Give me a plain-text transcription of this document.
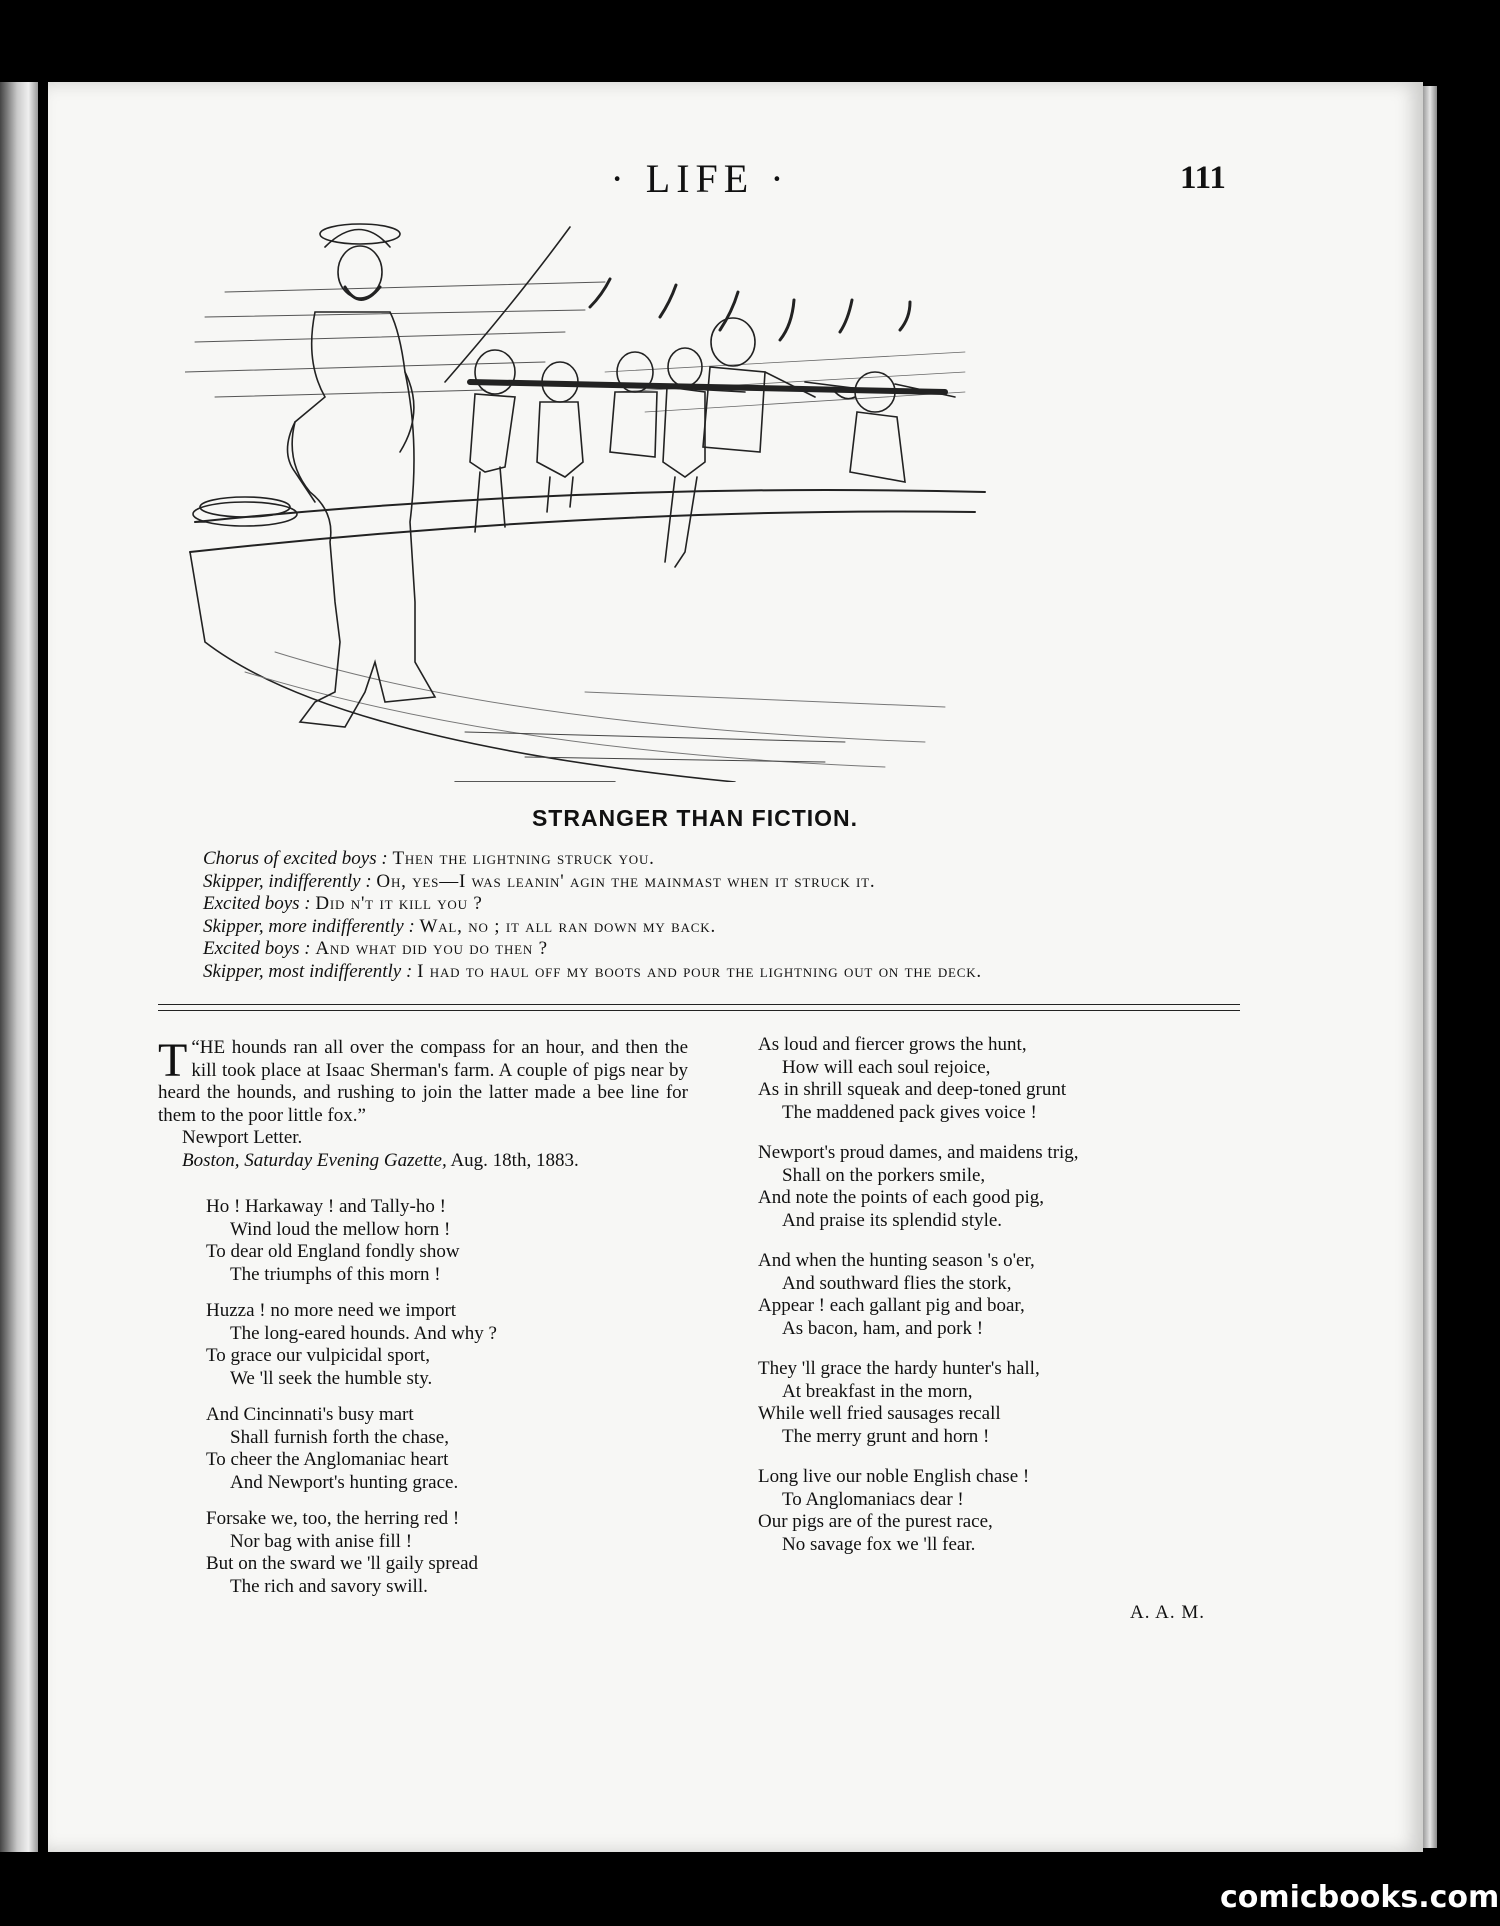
· LIFE ·	111
STRANGER THAN FICTION.
Chorus of excited boys : Then the lightning struck you.
Skipper, indifferently : Oh, yes—I was leanin' agin the mainmast when it struck it.
Excited boys : Did n't it kill you ?
Skipper, more indifferently : Wal, no ; it all ran down my back.
Excited boys : And what did you do then ?
Skipper, most indifferently : I had to haul off my boots and pour the lightning out on the deck.

“
T HE hounds ran all over the compass for an hour, and then the kill took place at Isaac Sherman's farm. A couple of pigs near by heard the hounds, and rushing to join the latter made a bee line for them to the poor little fox.”

Newport Letter.
Boston, Saturday Evening Gazette, Aug. 18th, 1883.
Ho ! Harkaway ! and Tally-ho !
Wind loud the mellow horn !
To dear old England fondly show
The triumphs of this morn !
Huzza ! no more need we import
The long-eared hounds. And why ?
To grace our vulpicidal sport,
We 'll seek the humble sty.
And Cincinnati's busy mart
Shall furnish forth the chase,
To cheer the Anglomaniac heart
And Newport's hunting grace.
Forsake we, too, the herring red !
Nor bag with anise fill !
But on the sward we 'll gaily spread
The rich and savory swill.
As loud and fiercer grows the hunt,
How will each soul rejoice,
As in shrill squeak and deep-toned grunt
The maddened pack gives voice !
Newport's proud dames, and maidens trig,
Shall on the porkers smile,
And note the points of each good pig,
And praise its splendid style.
And when the hunting season 's o'er,
And southward flies the stork,
Appear ! each gallant pig and boar,
As bacon, ham, and pork !
They 'll grace the hardy hunter's hall,
At breakfast in the morn,
While well fried sausages recall
The merry grunt and horn !
Long live our noble English chase !
To Anglomaniacs dear !
Our pigs are of the purest race,
No savage fox we 'll fear.
A. A. M.
comicbooks.com
